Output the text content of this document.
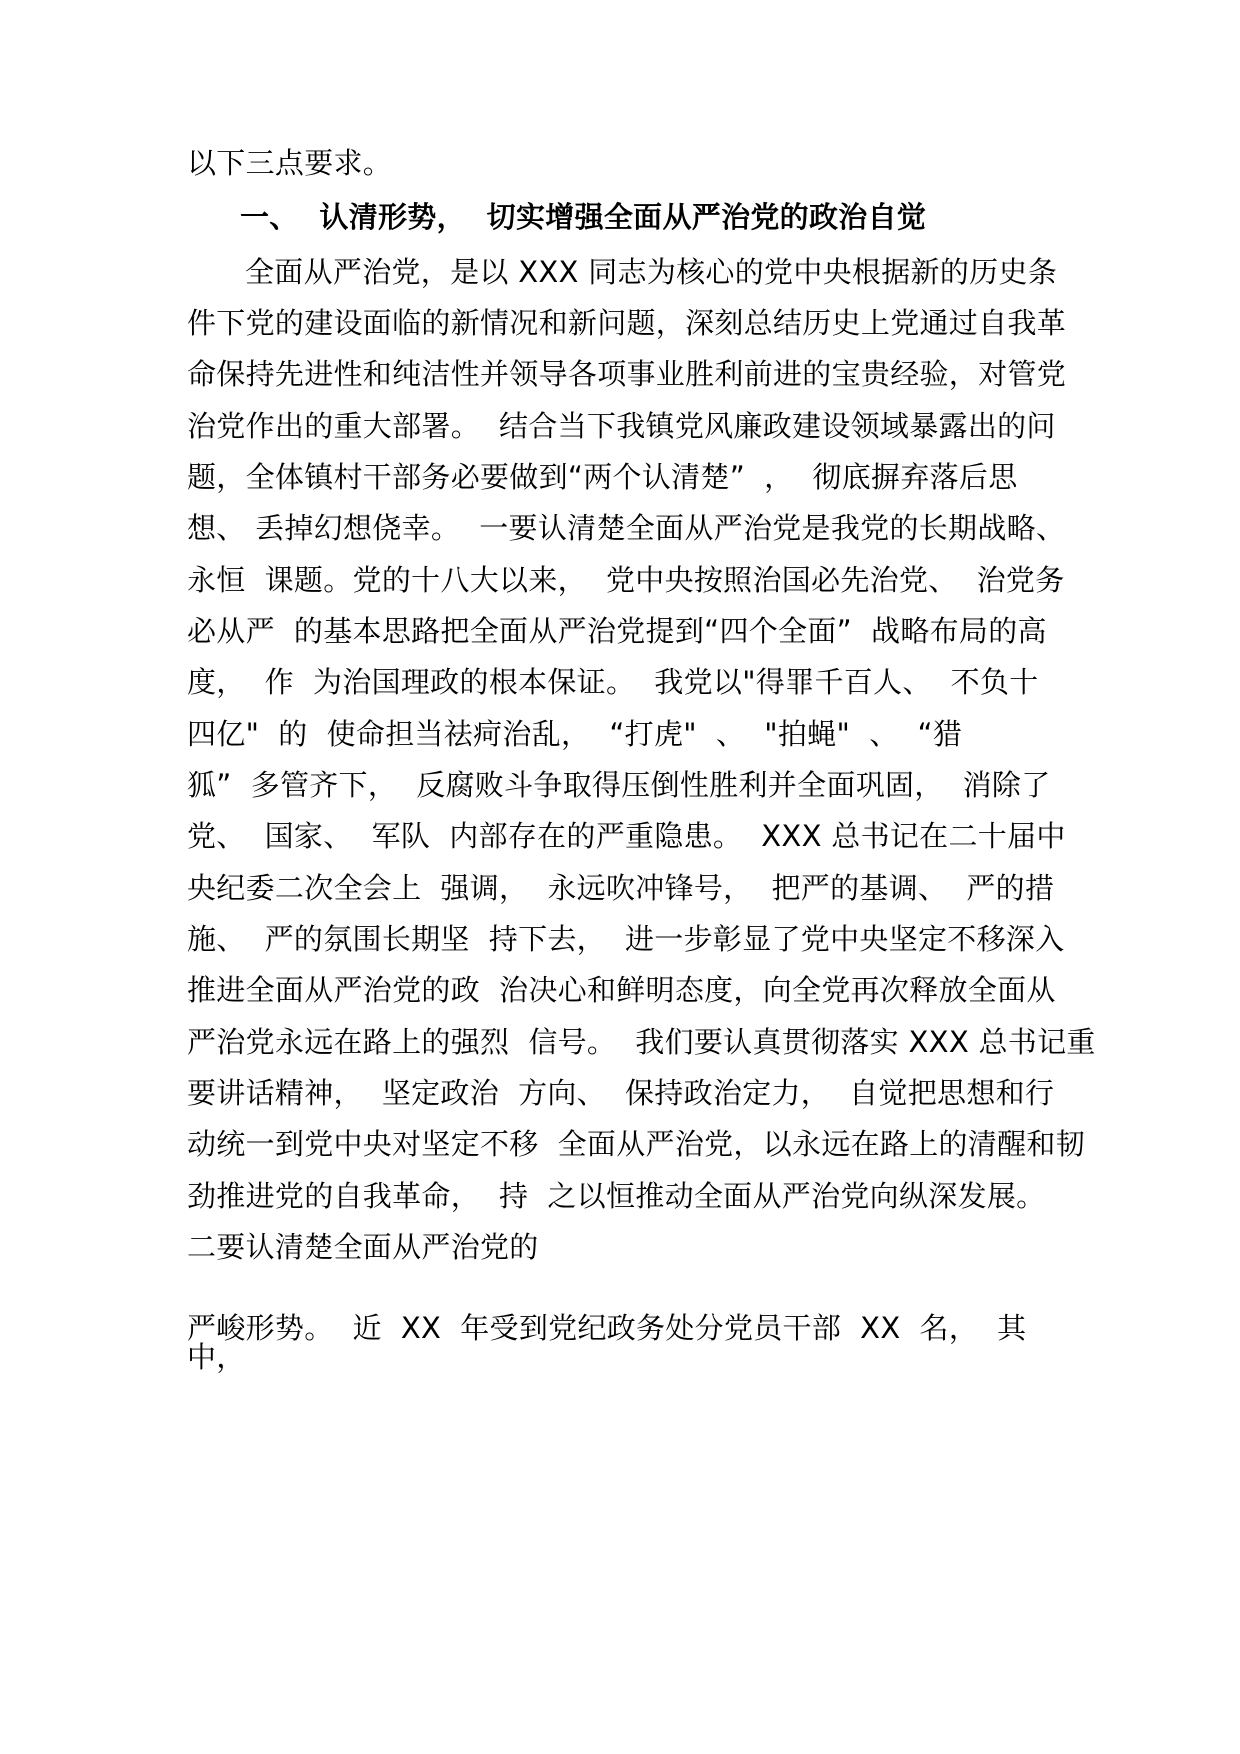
以下三点要求。
一、  认清形势，  切实增强全面从严治党的政治自觉
全面从严治党，是以 XXX 同志为核心的党中央根据新的历史条
件下党的建设面临的新情况和新问题，深刻总结历史上党通过自我革
命保持先进性和纯洁性并领导各项事业胜利前进的宝贵经验，对管党
治党作出的重大部署。  结合当下我镇党风廉政建设领域暴露出的问
题，全体镇村干部务必要做到“两个认清楚”  ，  彻底摒弃落后思
想、 丢掉幻想侥幸。  一要认清楚全面从严治党是我党的长期战略、
永恒  课题。党的十八大以来，  党中央按照治国必先治党、  治党务
必从严  的基本思路把全面从严治党提到“四个全面”  战略布局的高
度，  作  为治国理政的根本保证。  我党以"得罪千百人、  不负十
四亿"  的  使命担当祛疴治乱，  “打虎"  、  "拍蝇"  、  “猎
狐”  多管齐下，  反腐败斗争取得压倒性胜利并全面巩固，  消除了
党、  国家、  军队  内部存在的严重隐患。  XXX 总书记在二十届中
央纪委二次全会上  强调，  永远吹冲锋号，  把严的基调、  严的措
施、  严的氛围长期坚  持下去，  进一步彰显了党中央坚定不移深入
推进全面从严治党的政  治决心和鲜明态度，向全党再次释放全面从
严治党永远在路上的强烈  信号。  我们要认真贯彻落实 XXX 总书记重
要讲话精神，  坚定政治  方向、  保持政治定力，  自觉把思想和行
动统一到党中央对坚定不移  全面从严治党，以永远在路上的清醒和韧
劲推进党的自我革命，  持  之以恒推动全面从严治党向纵深发展。
二要认清楚全面从严治党的
严峻形势。  近  XX  年受到党纪政务处分党员干部  XX  名，  其
中，
